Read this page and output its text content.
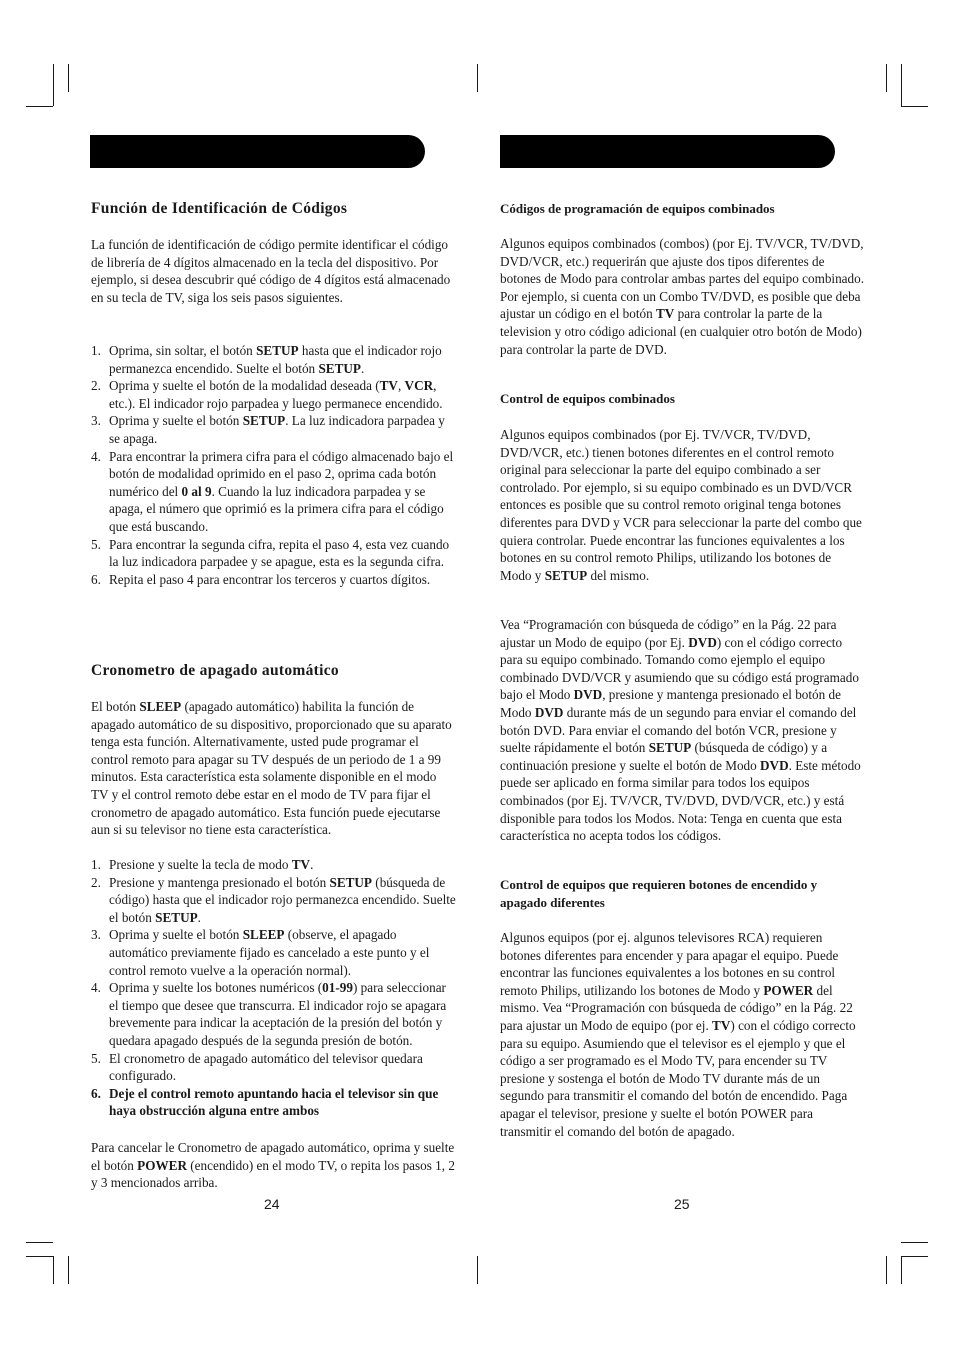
Función de Identificación de Códigos

La función de identificación de código permite identificar el código de librería de 4 dígitos almacenado en la tecla del dispositivo. Por ejemplo, si desea descubrir qué código de 4 dígitos está almacenado en su tecla de TV, siga los seis pasos siguientes.

1. Oprima, sin soltar, el botón SETUP hasta que el indicador rojo permanezca encendido. Suelte el botón SETUP.
2. Oprima y suelte el botón de la modalidad deseada (TV, VCR, etc.). El indicador rojo parpadea y luego permanece encendido.
3. Oprima y suelte el botón SETUP. La luz indicadora parpadea y se apaga.
4. Para encontrar la primera cifra para el código almacenado bajo el botón de modalidad oprimido en el paso 2, oprima cada botón numérico del 0 al 9. Cuando la luz indicadora parpadea y se apaga, el número que oprimió es la primera cifra para el código que está buscando.
5. Para encontrar la segunda cifra, repita el paso 4, esta vez cuando la luz indicadora parpadee y se apague, esta es la segunda cifra.
6. Repita el paso 4 para encontrar los terceros y cuartos dígitos.
Cronometro de apagado automático

El botón SLEEP (apagado automático) habilita la función de apagado automático de su dispositivo, proporcionado que su aparato tenga esta función. Alternativamente, usted pude programar el control remoto para apagar su TV después de un periodo de 1 a 99 minutos. Esta característica esta solamente disponible en el modo TV y el control remoto debe estar en el modo de TV para fijar el cronometro de apagado automático. Esta función puede ejecutarse aun si su televisor no tiene esta característica.

1. Presione y suelte la tecla de modo TV.
2. Presione y mantenga presionado el botón SETUP (búsqueda de código) hasta que el indicador rojo permanezca encendido. Suelte el botón SETUP.
3. Oprima y suelte el botón SLEEP (observe, el apagado automático previamente fijado es cancelado a este punto y el control remoto vuelve a la operación normal).
4. Oprima y suelte los botones numéricos (01-99) para seleccionar el tiempo que desee que transcurra. El indicador rojo se apagara brevemente para indicar la aceptación de la presión del botón y quedara apagado después de la segunda presión de botón.
5. El cronometro de apagado automático del televisor quedara configurado.
6. Deje el control remoto apuntando hacia el televisor sin que haya obstrucción alguna entre ambos

Para cancelar le Cronometro de apagado automático, oprima y suelte el botón POWER (encendido) en el modo TV, o repita los pasos 1, 2 y 3 mencionados arriba.

24
Códigos de programación de equipos combinados

Algunos equipos combinados (combos) (por Ej. TV/VCR, TV/DVD, DVD/VCR, etc.) requerirán que ajuste dos tipos diferentes de botones de Modo para controlar ambas partes del equipo combinado. Por ejemplo, si cuenta con un Combo TV/DVD, es posible que deba ajustar un código en el botón TV para controlar la parte de la television y otro código adicional (en cualquier otro botón de Modo) para controlar la parte de DVD.

Control de equipos combinados

Algunos equipos combinados (por Ej. TV/VCR, TV/DVD, DVD/VCR, etc.) tienen botones diferentes en el control remoto original para seleccionar la parte del equipo combinado a ser controlado. Por ejemplo, si su equipo combinado es un DVD/VCR entonces es posible que su control remoto original tenga botones diferentes para DVD y VCR para seleccionar la parte del combo que quiera controlar. Puede encontrar las funciones equivalentes a los botones en su control remoto Philips, utilizando los botones de Modo y SETUP del mismo.

Vea “Programación con búsqueda de código” en la Pág. 22 para ajustar un Modo de equipo (por Ej. DVD) con el código correcto para su equipo combinado. Tomando como ejemplo el equipo combinado DVD/VCR y asumiendo que su código está programado bajo el Modo DVD, presione y mantenga presionado el botón de Modo DVD durante más de un segundo para enviar el comando del botón DVD. Para enviar el comando del botón VCR, presione y suelte rápidamente el botón SETUP (búsqueda de código) y a continuación presione y suelte el botón de Modo DVD. Este método puede ser aplicado en forma similar para todos los equipos combinados (por Ej. TV/VCR, TV/DVD, DVD/VCR, etc.) y está disponible para todos los Modos. Nota: Tenga en cuenta que esta característica no acepta todos los códigos.

Control de equipos que requieren botones de encendido y apagado diferentes

Algunos equipos (por ej. algunos televisores RCA) requieren botones diferentes para encender y para apagar el equipo. Puede encontrar las funciones equivalentes a los botones en su control remoto Philips, utilizando los botones de Modo y POWER del mismo. Vea “Programación con búsqueda de código” en la Pág. 22 para ajustar un Modo de equipo (por ej. TV) con el código correcto para su equipo. Asumiendo que el televisor es el ejemplo y que el código a ser programado es el Modo TV, para encender su TV presione y sostenga el botón de Modo TV durante más de un segundo para transmitir el comando del botón de encendido. Paga apagar el televisor, presione y suelte el botón POWER para transmitir el comando del botón de apagado.

25
